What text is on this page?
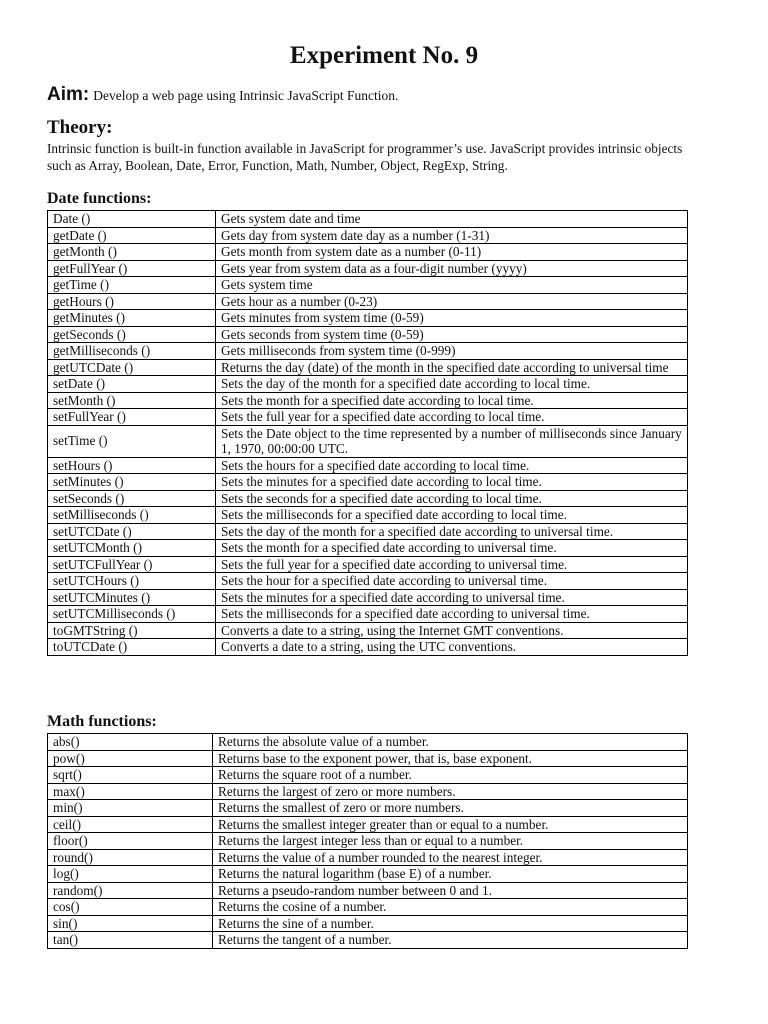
Experiment No. 9
Aim: Develop a web page using Intrinsic JavaScript Function.
Theory:
Intrinsic function is built-in function available in JavaScript for programmer’s use. JavaScript provides intrinsic objects such as Array, Boolean, Date, Error, Function, Math, Number, Object, RegExp, String.
Date functions:
Date ()	Gets system date and time
getDate ()	Gets day from system date day as a number (1-31)
getMonth ()	Gets month from system date as a number (0-11)
getFullYear ()	Gets year from system data as a four-digit number (yyyy)
getTime ()	Gets system time
getHours ()	Gets hour as a number (0-23)
getMinutes ()	Gets minutes from system time (0-59)
getSeconds ()	Gets seconds from system time (0-59)
getMilliseconds ()	Gets milliseconds from system time (0-999)
getUTCDate ()	Returns the day (date) of the month in the specified date according to universal time
setDate ()	Sets the day of the month for a specified date according to local time.
setMonth ()	Sets the month for a specified date according to local time.
setFullYear ()	Sets the full year for a specified date according to local time.
setTime ()	Sets the Date object to the time represented by a number of milliseconds since January 1, 1970, 00:00:00 UTC.
setHours ()	Sets the hours for a specified date according to local time.
setMinutes ()	Sets the minutes for a specified date according to local time.
setSeconds ()	Sets the seconds for a specified date according to local time.
setMilliseconds ()	Sets the milliseconds for a specified date according to local time.
setUTCDate ()	Sets the day of the month for a specified date according to universal time.
setUTCMonth ()	Sets the month for a specified date according to universal time.
setUTCFullYear ()	Sets the full year for a specified date according to universal time.
setUTCHours ()	Sets the hour for a specified date according to universal time.
setUTCMinutes ()	Sets the minutes for a specified date according to universal time.
setUTCMilliseconds ()	Sets the milliseconds for a specified date according to universal time.
toGMTString ()	Converts a date to a string, using the Internet GMT conventions.
toUTCDate ()	Converts a date to a string, using the UTC conventions.
Math functions:
abs()	Returns the absolute value of a number.
pow()	Returns base to the exponent power, that is, base exponent.
sqrt()	Returns the square root of a number.
max()	Returns the largest of zero or more numbers.
min()	Returns the smallest of zero or more numbers.
ceil()	Returns the smallest integer greater than or equal to a number.
floor()	Returns the largest integer less than or equal to a number.
round()	Returns the value of a number rounded to the nearest integer.
log()	Returns the natural logarithm (base E) of a number.
random()	Returns a pseudo-random number between 0 and 1.
cos()	Returns the cosine of a number.
sin()	Returns the sine of a number.
tan()	Returns the tangent of a number.
